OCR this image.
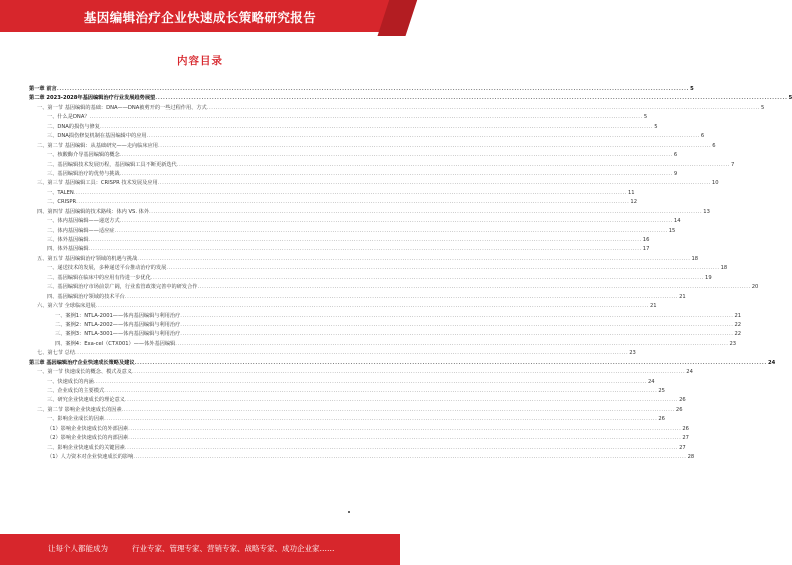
基因编辑治疗企业快速成长策略研究报告
内容目录
第一章 前言 .....	5
第二章 2023-2028年基因编辑治疗行业发展趋势展望 .....	5
一、第一节 基因编辑的基础：DNA——DNA被剪开的一些过程作用、方式 .....	5
一、什么是DNA？ .....	5
二、DNA的损伤与修复 .....	5
三、DNA损伤修复机制在基因编辑中的应用 .....	6
二、第二节 基因编辑：从基础研究——走向临床应用 .....	6
一、核酸酶介导基因编辑的概念 .....	6
二、基因编辑技术发展历程，基因编辑工具不断更新迭代 .....	7
三、基因编辑治疗的优势与挑战 .....	9
三、第三节 基因编辑工具：CRISPR 技术发展及应用 .....	10
一、TALEN .....	11
二、CRISPR .....	12
四、第四节 基因编辑的技术路线：体内 VS. 体外 .....	13
一、体内基因编辑——递送方式 .....	14
二、体内基因编辑——适应症 .....	15
三、体外基因编辑 .....	16
四、体外基因编辑 .....	17
五、第五节 基因编辑治疗领域的机遇与挑战 .....	18
一、递送技术的发展，多种递送平台推动治疗的发展 .....	18
二、基因编辑在临床中的应用有待进一步优化 .....	19
三、基因编辑治疗市场前景广阔，行业监管政策完善中的研发合作 .....	20
四、基因编辑治疗领域的技术平台 .....	21
六、第六节 全球临床进展 .....	21
一、案例1：NTLA-2001——体内基因编辑与利用治疗 .....	21
二、案例2：NTLA-2002——体内基因编辑与利用治疗 .....	22
三、案例3：NTLA-3001——体内基因编辑与利用治疗 .....	22
四、案例4：Exa-cel（CTX001）——体外基因编辑 .....	23
七、第七节 总结 .....	23
第三章 基因编辑治疗企业快速成长策略及建议 .....	24
一、第一节 快速成长的概念、模式及意义 .....	24
一、快速成长的内涵 .....	24
二、企业成长的主要模式 .....	25
三、研究企业快速成长的理论意义 .....	26
二、第二节 影响企业快速成长的因素 .....	26
一、影响企业成长的因素 .....	26
（1）影响企业快速成长的外部因素 .....	26
（2）影响企业快速成长的内部因素 .....	27
二、影响企业快速成长的关键因素 .....	27
（1）人力资本对企业快速成长的影响 .....	28
让每个人都能成为	行业专家、管理专家、营销专家、战略专家、成功企业家……
